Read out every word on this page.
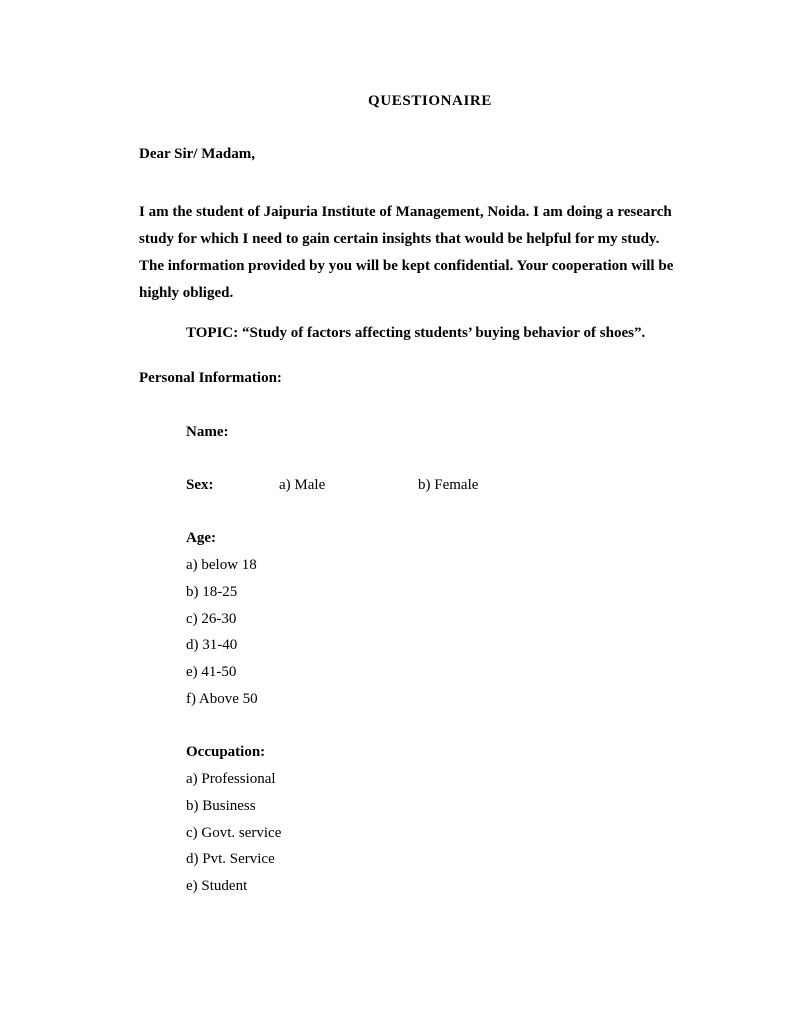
QUESTIONAIRE
Dear Sir/ Madam,
I am the student of Jaipuria Institute of Management, Noida. I am doing a research
study for which I need to gain certain insights that would be helpful for my study.
The information provided by you will be kept confidential. Your cooperation will be
highly obliged.
TOPIC: “Study of factors affecting students’ buying behavior of shoes”.
Personal Information:
Name:
Sex:	a) Male	b) Female
Age:
a) below 18
b) 18-25
c) 26-30
d) 31-40
e) 41-50
f) Above 50
Occupation:
a) Professional
b) Business
c) Govt. service
d) Pvt. Service
e) Student
